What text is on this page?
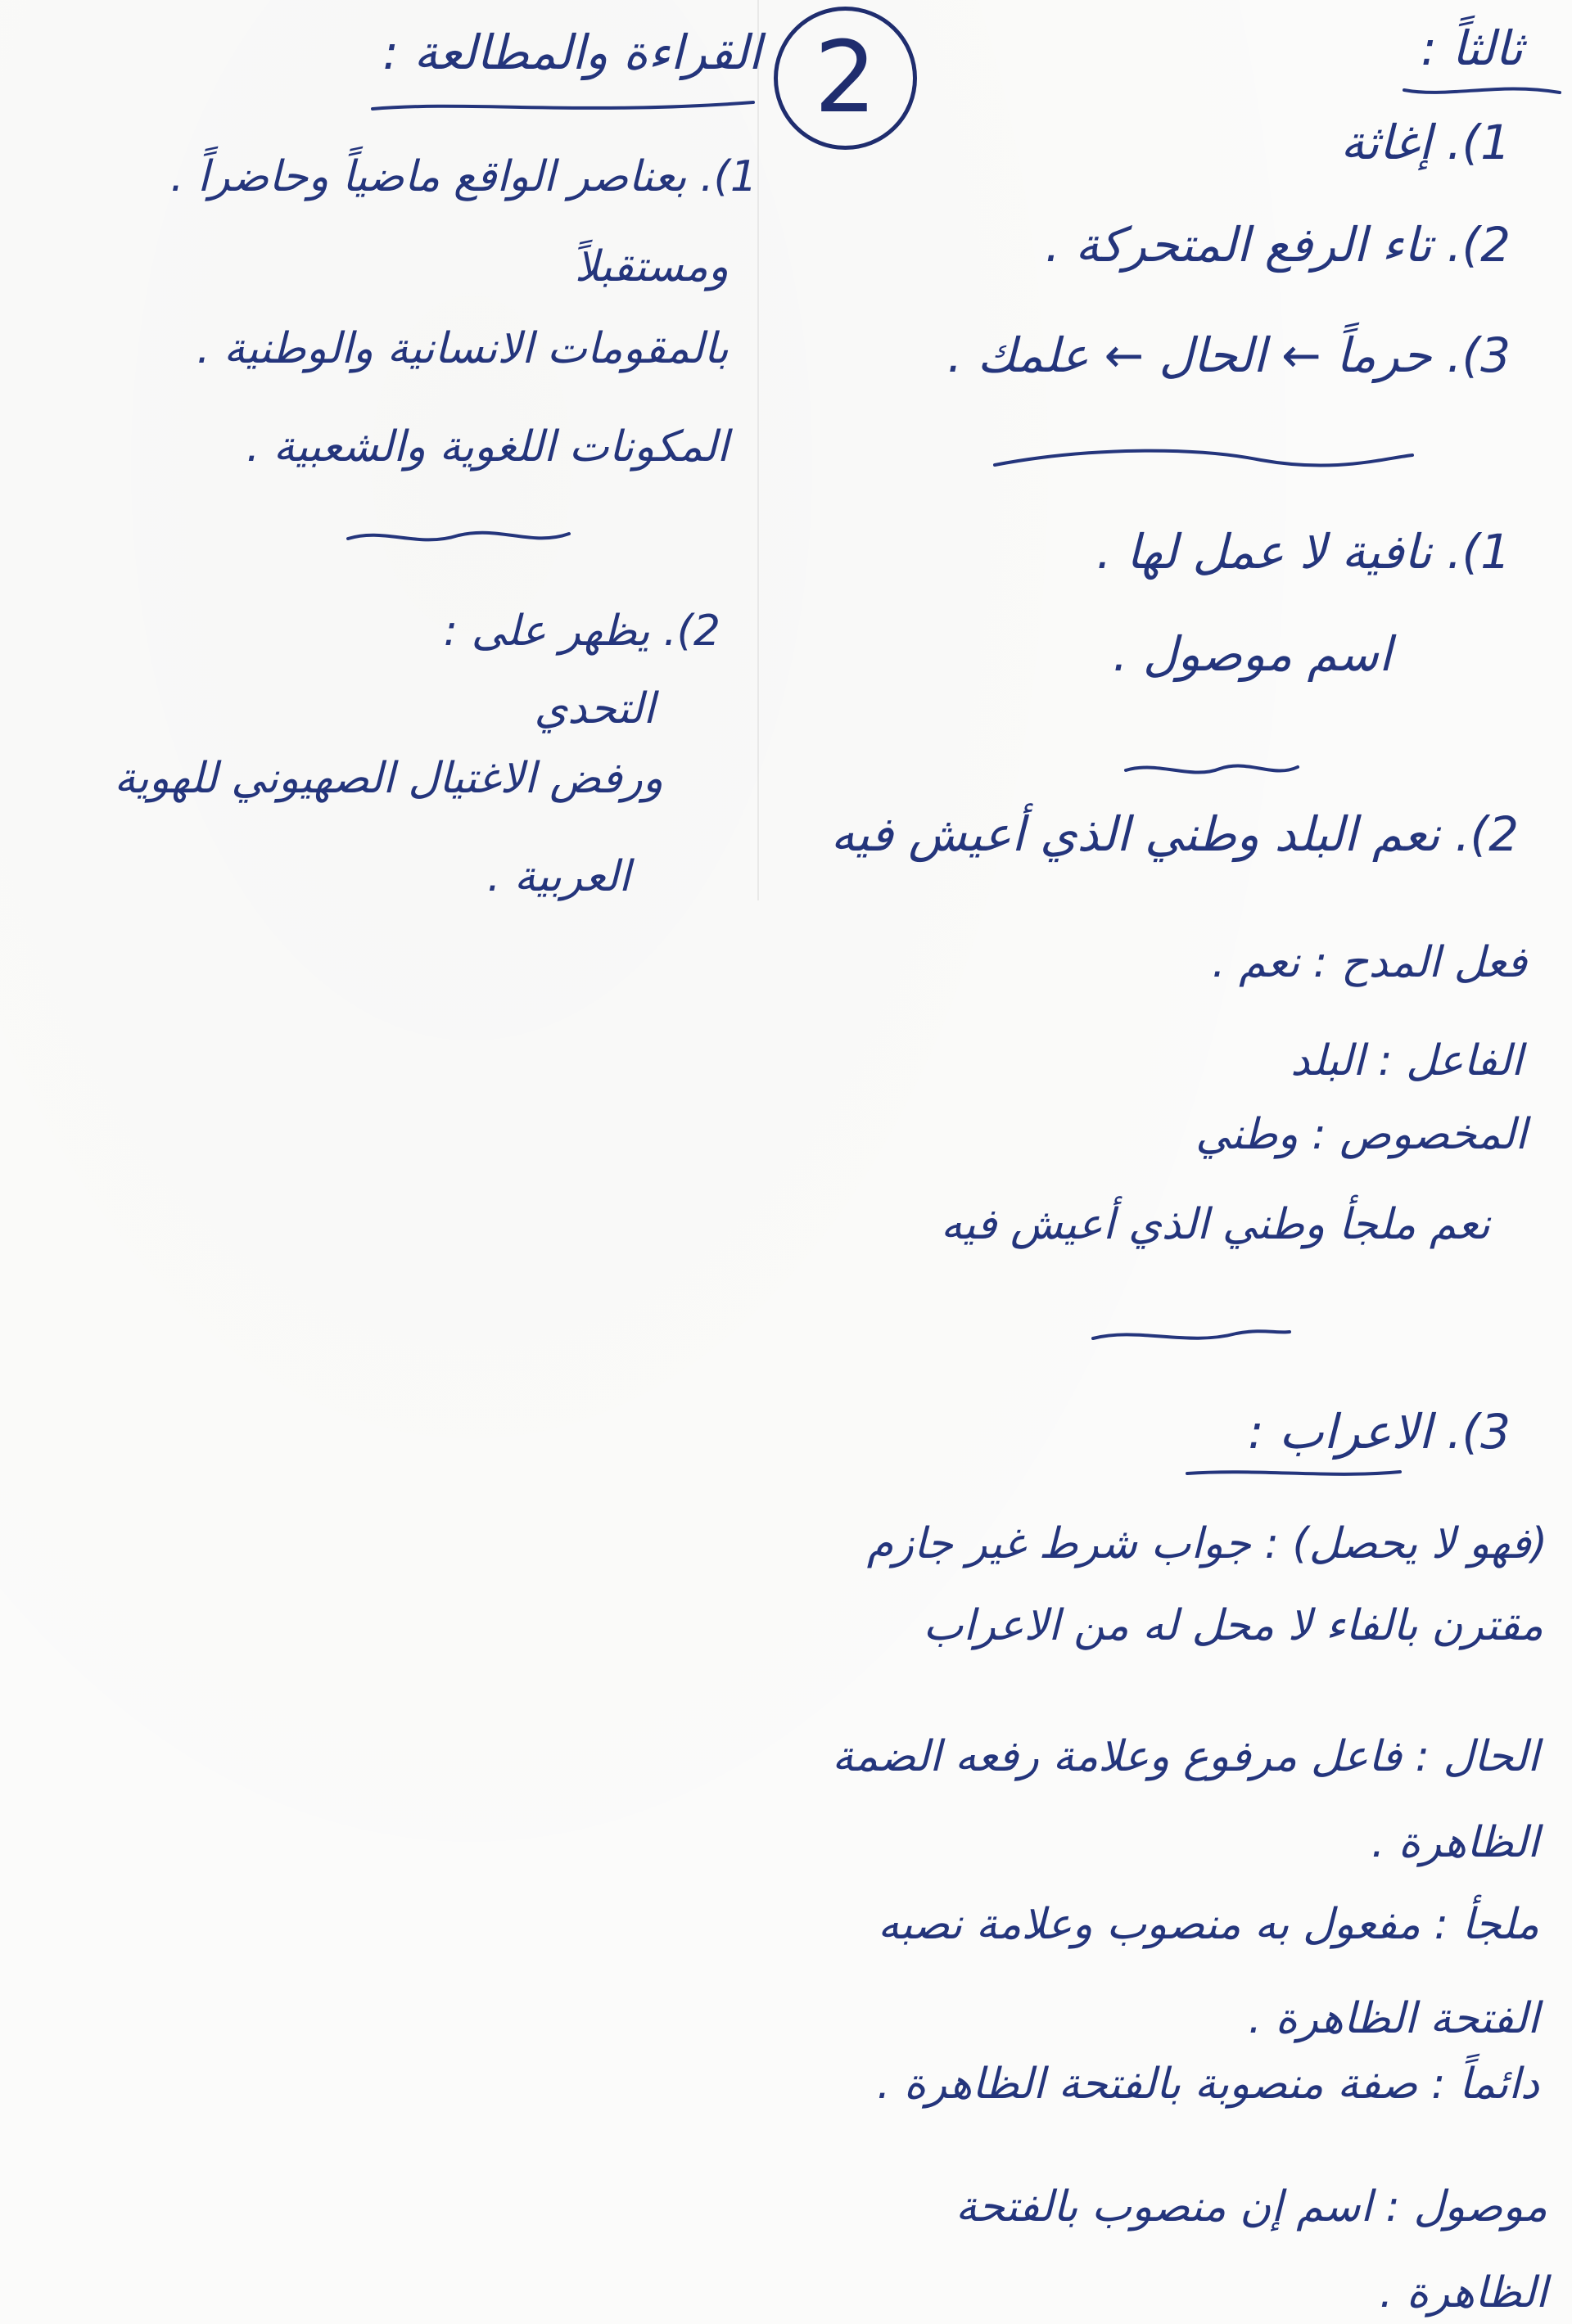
2
القراءة والمطالعة :	ثالثاً :
1). بعناصر الواقع ماضياً وحاضراً .
ومستقبلاً
بالمقومات الانسانية والوطنية .
المكونات اللغوية والشعبية .
2). يظهر على :
التحدي
ورفض الاغتيال الصهيوني للهوية
العربية .
1). إغاثة
2). تاء الرفع المتحركة .
3). حرماً ← الحال ← علمك .
1). نافية لا عمل لها .
اسم موصول .
2). نعم البلد وطني الذي أعيش فيه
فعل المدح : نعم .
الفاعل : البلد
المخصوص : وطني
نعم ملجأ وطني الذي أعيش فيه
3). الاعراب :
(فهو لا يحصل) : جواب شرط غير جازم
مقترن بالفاء لا محل له من الاعراب
الحال : فاعل مرفوع وعلامة رفعه الضمة
الظاهرة .
ملجأ : مفعول به منصوب وعلامة نصبه
الفتحة الظاهرة .
دائماً : صفة منصوبة بالفتحة الظاهرة .
موصول : اسم إن منصوب بالفتحة
الظاهرة .
